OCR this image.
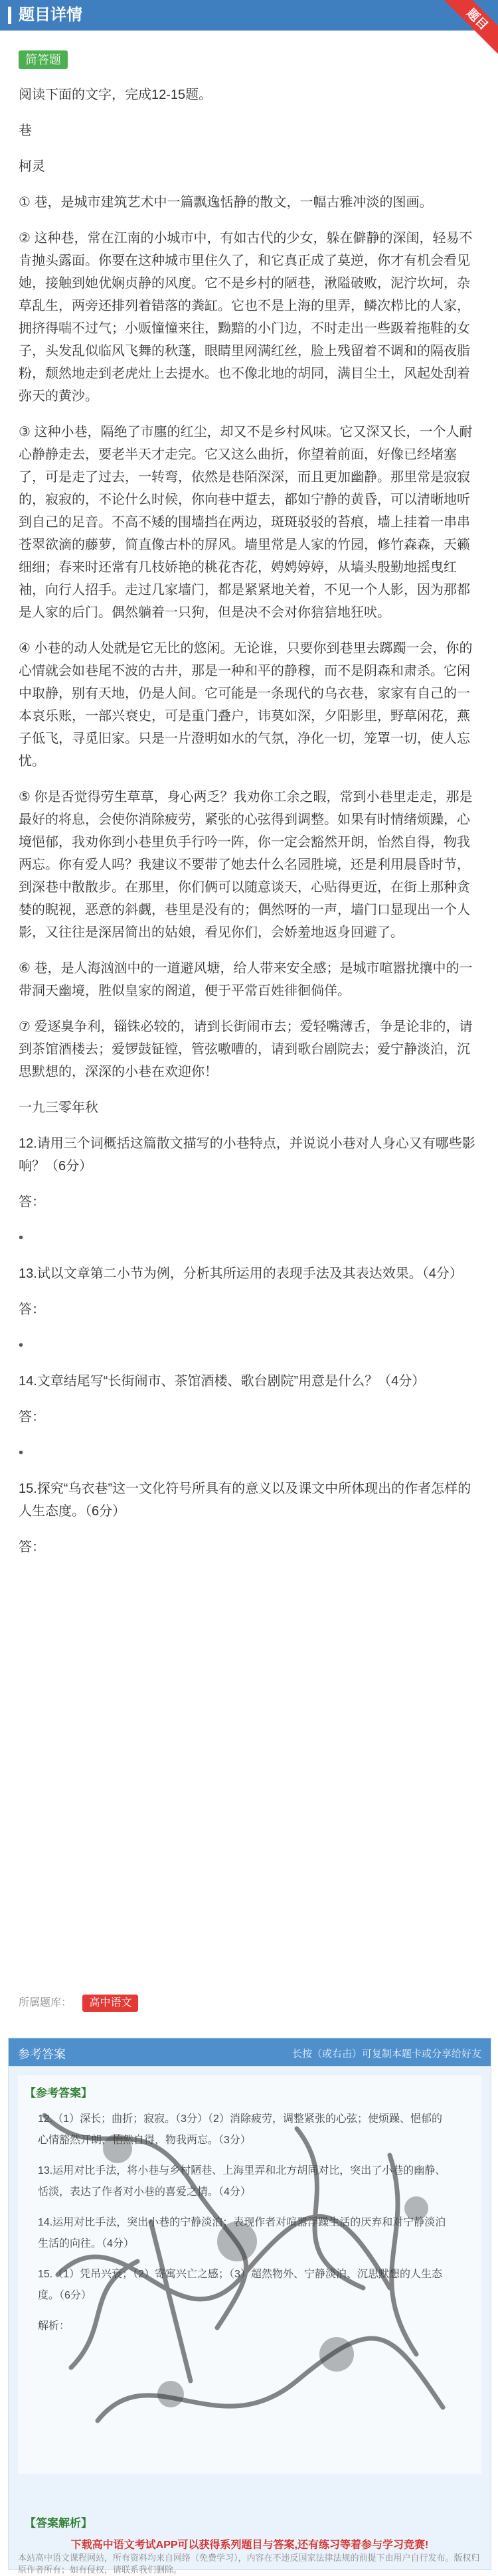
题目详情	题目
简答题

阅读下面的文字，完成12-15题。

巷

柯灵

① 巷，是城市建筑艺术中一篇飘逸恬静的散文，一幅古雅冲淡的图画。

② 这种巷，常在江南的小城市中，有如古代的少女，躲在僻静的深闺，轻易不肯抛头露面。你要在这种城市里住久了，和它真正成了莫逆，你才有机会看见她，接触到她优娴贞静的风度。它不是乡村的陋巷，湫隘破败，泥泞坎坷，杂草乱生，两旁还排列着错落的粪缸。它也不是上海的里弄，鳞次栉比的人家，拥挤得喘不过气；小贩憧憧来往，黝黯的小门边，不时走出一些趿着拖鞋的女子，头发乱似临风飞舞的秋蓬，眼睛里网满红丝，脸上残留着不调和的隔夜脂粉，颓然地走到老虎灶上去提水。也不像北地的胡同，满目尘土，风起处刮着弥天的黄沙。

③ 这种小巷，隔绝了市廛的红尘，却又不是乡村风味。它又深又长，一个人耐心静静走去，要老半天才走完。它又这么曲折，你望着前面，好像已经堵塞了，可是走了过去，一转弯，依然是巷陌深深，而且更加幽静。那里常是寂寂的，寂寂的，不论什么时候，你向巷中踅去，都如宁静的黄昏，可以清晰地听到自己的足音。不高不矮的围墙挡在两边，斑斑驳驳的苔痕，墙上挂着一串串苍翠欲滴的藤萝，简直像古朴的屏风。墙里常是人家的竹园，修竹森森，天籁细细；春来时还常有几枝娇艳的桃花杏花，娉娉婷婷，从墙头殷勤地摇曳红袖，向行人招手。走过几家墙门，都是紧紧地关着，不见一个人影，因为那都是人家的后门。偶然躺着一只狗，但是决不会对你狺狺地狂吠。

④ 小巷的动人处就是它无比的悠闲。无论谁，只要你到巷里去踯躅一会，你的心情就会如巷尾不波的古井，那是一种和平的静穆，而不是阴森和肃杀。它闲中取静，别有天地，仍是人间。它可能是一条现代的乌衣巷，家家有自己的一本哀乐账，一部兴衰史，可是重门叠户，讳莫如深，夕阳影里，野草闲花，燕子低飞，寻觅旧家。只是一片澄明如水的气氛，净化一切，笼罩一切，使人忘忧。

⑤ 你是否觉得劳生草草，身心两乏？我劝你工余之暇，常到小巷里走走，那是最好的将息，会使你消除疲劳，紧张的心弦得到调整。如果有时情绪烦躁，心境悒郁，我劝你到小巷里负手行吟一阵，你一定会豁然开朗，怡然自得，物我两忘。你有爱人吗？我建议不要带了她去什么名园胜境，还是利用晨昏时节，到深巷中散散步。在那里，你们俩可以随意谈天，心贴得更近，在街上那种贪婪的睨视，恶意的斜觑，巷里是没有的；偶然呀的一声，墙门口显现出一个人影，又往往是深居简出的姑娘，看见你们，会娇羞地返身回避了。

⑥ 巷，是人海汹汹中的一道避风塘，给人带来安全感；是城市喧嚣扰攘中的一带洞天幽境，胜似皇家的阁道，便于平常百姓徘徊倘佯。

⑦ 爱逐臭争利，锱铢必较的，请到长街闹市去；爱轻嘴薄舌，争是论非的，请到茶馆酒楼去；爱锣鼓钲镗，管弦嗷嘈的，请到歌台剧院去；爱宁静淡泊，沉思默想的，深深的小巷在欢迎你！

一九三零年秋

12.请用三个词概括这篇散文描写的小巷特点，并说说小巷对人身心又有哪些影响？（6分）

答：

•

13.试以文章第二小节为例，分析其所运用的表现手法及其表达效果。（4分）

答：

•

14.文章结尾写“长街闹市、茶馆酒楼、歌台剧院”用意是什么？（4分）

答：

•

15.探究“乌衣巷”这一文化符号所具有的意义以及课文中所体现出的作者怎样的人生态度。（6分）

答：

所属题库： 高中语文
参考答案	长按（或右击）可复制本题卡或分享给好友
【参考答案】

12.（1）深长；曲折；寂寂。（3分）（2）消除疲劳，调整紧张的心弦；使烦躁、悒郁的心情豁然开朗，怡然自得，物我两忘。（3分）

13.运用对比手法，将小巷与乡村陋巷、上海里弄和北方胡同对比，突出了小巷的幽静、恬淡，表达了作者对小巷的喜爱之情。（4分）

14.运用对比手法，突出小巷的宁静淡泊；表现作者对喧嚣浮躁生活的厌弃和对宁静淡泊生活的向往。（4分）

15.（1）凭吊兴衰；（2）寄寓兴亡之感；（3）超然物外、宁静淡泊、沉思默想的人生态度。（6分）

解析：

【答案解析】
下载高中语文考试APP可以获得系列题目与答案,还有练习等着参与学习竞赛!
本站高中语文课程网站，所有资料均来自网络（免费学习），内容在不违反国家法律法规的前提下由用户自行发布。版权归原作者所有；如有侵权，请联系我们删除。
